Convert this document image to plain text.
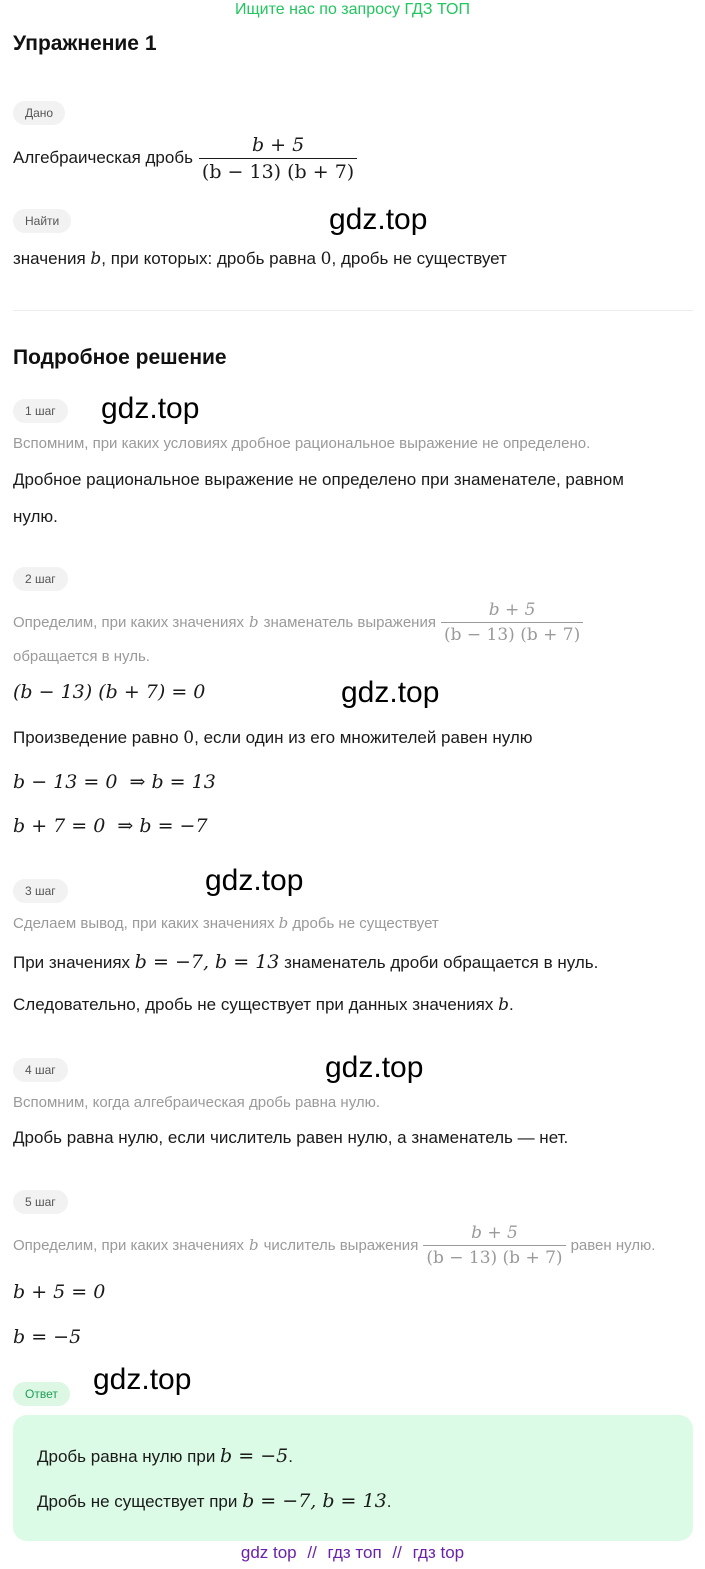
Ищите нас по запросу ГДЗ ТОП
Упражнение 1
Дано
Алгебраическая дробь $\frac{b + 5}{(b - 13) (b + 7)}$
Найти
значения b, при которых: дробь равна 0, дробь не существует
Подробное решение
1 шаг
Вспомним, при каких условиях дробное рациональное выражение не определено.
Дробное рациональное выражение не определено при знаменателе, равном
нулю.
2 шаг
Определим, при каких значениях b знаменатель выражения $\frac{b + 5}{(b - 13) (b + 7)}$
обращается в нуль.
(b − 13) (b + 7) = 0
Произведение равно 0, если один из его множителей равен нулю
b − 13 = 0  ⇒ b = 13
b + 7 = 0  ⇒ b = −7
3 шаг
Сделаем вывод, при каких значениях b дробь не существует
При значениях b = −7, b = 13 знаменатель дроби обращается в нуль.
Следовательно, дробь не существует при данных значениях b.
4 шаг
Вспомним, когда алгебраическая дробь равна нулю.
Дробь равна нулю, если числитель равен нулю, а знаменатель — нет.
5 шаг
Определим, при каких значениях b числитель выражения $\frac{b + 5}{(b - 13) (b + 7)}$ равен нулю.
b + 5 = 0
b = −5
Ответ
Дробь равна нулю при b = −5.
Дробь не существует при b = −7, b = 13.
gdz.top
gdz.top
gdz.top
gdz.top
gdz.top
gdz.top
gdz top // гдз топ // гдз top
